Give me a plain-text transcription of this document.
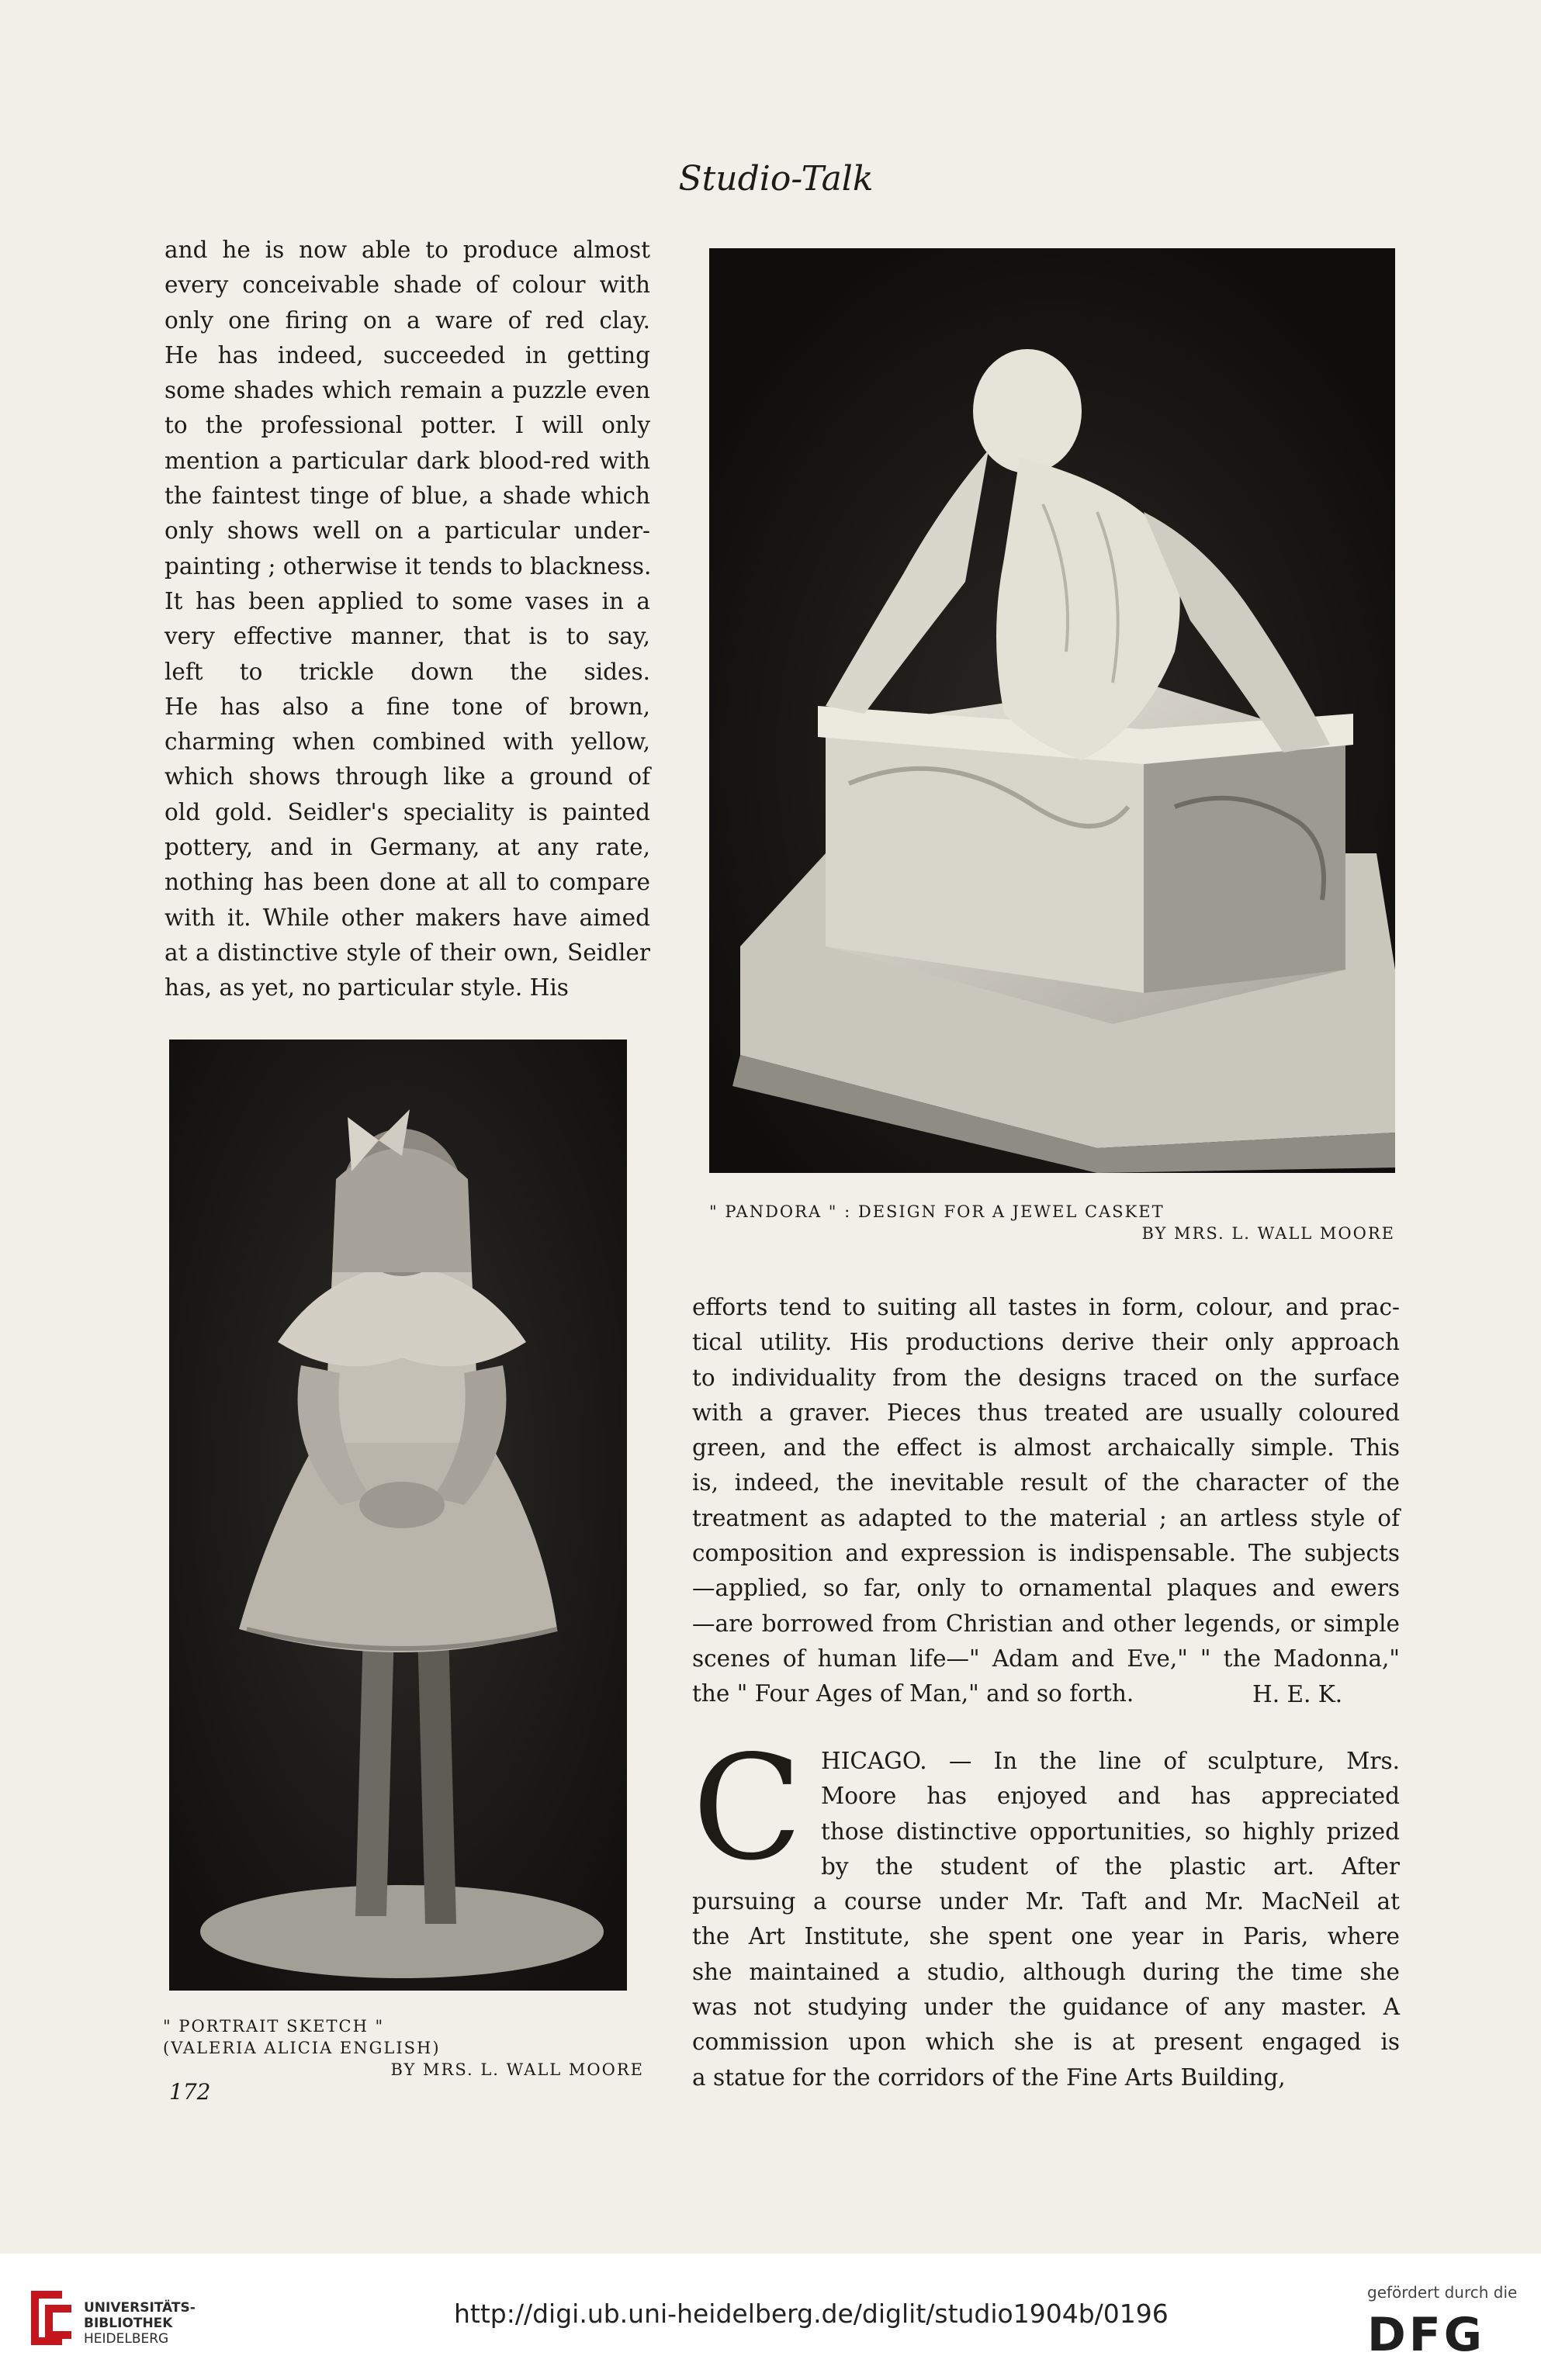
Studio-Talk
and he is now able to produce almost
every conceivable shade of colour with
only one firing on a ware of red clay.
He has indeed, succeeded in getting
some shades which remain a puzzle even
to the professional potter. I will only
mention a particular dark blood-red with
the faintest tinge of blue, a shade which
only shows well on a particular under-
painting ; otherwise it tends to blackness.
It has been applied to some vases in a
very effective manner, that is to say,
left to trickle down the sides.
He has also a fine tone of brown,
charming when combined with yellow,
which shows through like a ground of
old gold. Seidler's speciality is painted
pottery, and in Germany, at any rate,
nothing has been done at all to compare
with it. While other makers have aimed
at a distinctive style of their own, Seidler
has, as yet, no particular style. His
" PANDORA " : DESIGN FOR A JEWEL CASKET
BY MRS. L. WALL MOORE
efforts tend to suiting all tastes in form, colour, and prac-
tical utility. His productions derive their only approach
to individuality from the designs traced on the surface
with a graver. Pieces thus treated are usually coloured
green, and the effect is almost archaically simple. This
is, indeed, the inevitable result of the character of the
treatment as adapted to the material ; an artless style of
composition and expression is indispensable. The subjects
—applied, so far, only to ornamental plaques and ewers
—are borrowed from Christian and other legends, or simple
scenes of human life—" Adam and Eve," " the Madonna,"
the " Four Ages of Man," and so forth.	H. E. K.
C HICAGO. — In the line of sculpture, Mrs.
Moore has enjoyed and has appreciated
those distinctive opportunities, so highly prized
by the student of the plastic art. After
pursuing a course under Mr. Taft and Mr. MacNeil at
the Art Institute, she spent one year in Paris, where
she maintained a studio, although during the time she
was not studying under the guidance of any master. A
commission upon which she is at present engaged is
a statue for the corridors of the Fine Arts Building,
" PORTRAIT SKETCH "
(VALERIA ALICIA ENGLISH)
BY MRS. L. WALL MOORE
172
UNIVERSITÄTS-
BIBLIOTHEK
HEIDELBERG
http://digi.ub.uni-heidelberg.de/diglit/studio1904b/0196
gefördert durch die
DFG
